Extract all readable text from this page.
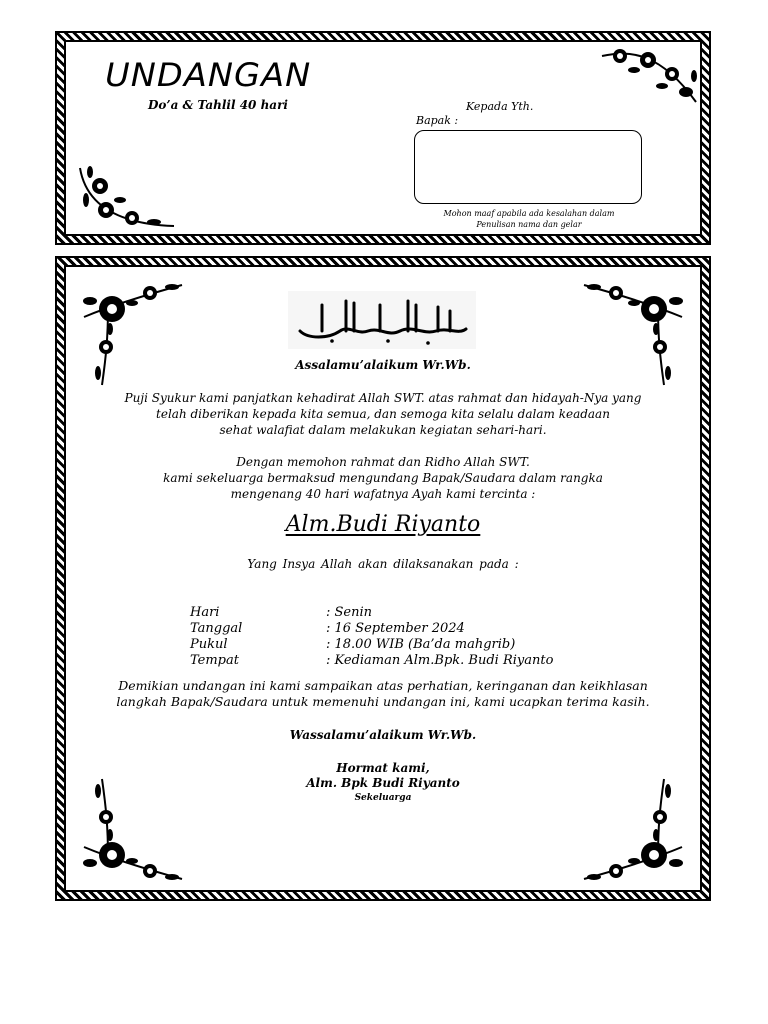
UNDANGAN
Do’a & Tahlil 40 hari	Kepada Yth.
Bapak :
Mohon maaf apabila ada kesalahan dalam
Penulisan nama dan gelar
Assalamu’alaikum Wr.Wb.
Puji Syukur kami panjatkan kehadirat Allah SWT. atas rahmat dan hidayah-Nya yang
telah diberikan kepada kita semua, dan semoga kita selalu dalam keadaan
sehat walafiat dalam melakukan kegiatan sehari-hari.
Dengan memohon rahmat dan Ridho Allah SWT.
kami sekeluarga bermaksud mengundang Bapak/Saudara dalam rangka
mengenang 40 hari wafatnya Ayah kami tercinta :
Alm.Budi Riyanto
Yang Insya Allah akan dilaksanakan pada :
Hari	: Senin
Tanggal	: 16 September 2024
Pukul	: 18.00 WIB (Ba’da mahgrib)
Tempat	: Kediaman Alm.Bpk. Budi Riyanto
Demikian undangan ini kami sampaikan atas perhatian, keringanan dan keikhlasan
langkah Bapak/Saudara untuk memenuhi undangan ini, kami ucapkan terima kasih.
Wassalamu’alaikum Wr.Wb.
Hormat kami,
Alm. Bpk Budi Riyanto
Sekeluarga
